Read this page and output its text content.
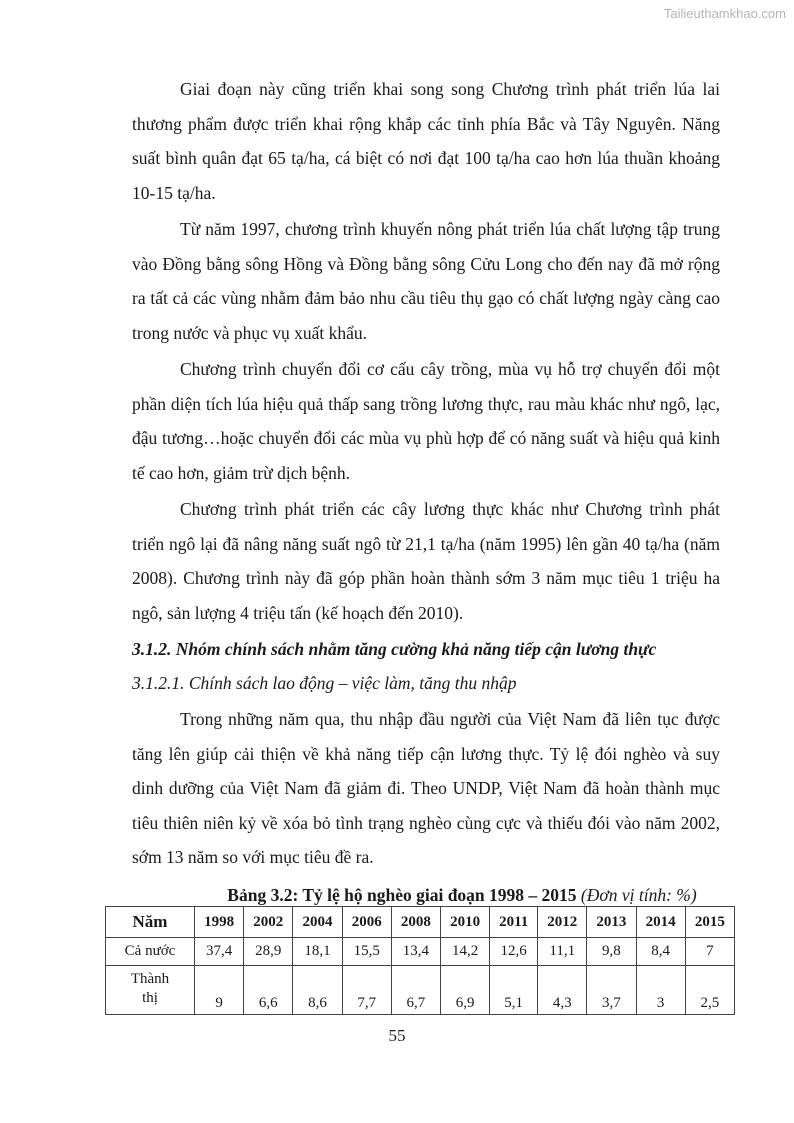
Tailieuthamkhao.com

Giai đoạn này cũng triển khai song song Chương trình phát triển lúa lai thương phẩm được triển khai rộng khắp các tỉnh phía Bắc và Tây Nguyên. Năng suất bình quân đạt 65 tạ/ha, cá biệt có nơi đạt 100 tạ/ha cao hơn lúa thuần khoảng 10-15 tạ/ha.

Từ năm 1997, chương trình khuyến nông phát triển lúa chất lượng tập trung vào Đồng bằng sông Hồng và Đồng bằng sông Cửu Long cho đến nay đã mở rộng ra tất cả các vùng nhằm đảm bảo nhu cầu tiêu thụ gạo có chất lượng ngày càng cao trong nước và phục vụ xuất khẩu.

Chương trình chuyển đổi cơ cấu cây trồng, mùa vụ hỗ trợ chuyển đổi một phần diện tích lúa hiệu quả thấp sang trồng lương thực, rau màu khác như ngô, lạc, đậu tương…hoặc chuyển đổi các mùa vụ phù hợp để có năng suất và hiệu quả kinh tế cao hơn, giảm trừ dịch bệnh.

Chương trình phát triển các cây lương thực khác như Chương trình phát triển ngô lại đã nâng năng suất ngô từ 21,1 tạ/ha (năm 1995) lên gần 40 tạ/ha (năm 2008). Chương trình này đã góp phần hoàn thành sớm 3 năm mục tiêu 1 triệu ha ngô, sản lượng 4 triệu tấn (kế hoạch đến 2010).

3.1.2. Nhóm chính sách nhằm tăng cường khả năng tiếp cận lương thực

3.1.2.1. Chính sách lao động – việc làm, tăng thu nhập

Trong những năm qua, thu nhập đầu người của Việt Nam đã liên tục được tăng lên giúp cải thiện về khả năng tiếp cận lương thực. Tỷ lệ đói nghèo và suy dinh dưỡng của Việt Nam đã giảm đi. Theo UNDP, Việt Nam đã hoàn thành mục tiêu thiên niên kỷ về xóa bỏ tình trạng nghèo cùng cực và thiếu đói vào năm 2002, sớm 13 năm so với mục tiêu đề ra.

Bảng 3.2: Tỷ lệ hộ nghèo giai đoạn 1998 – 2015 (Đơn vị tính: %)

Năm	1998	2002	2004	2006	2008	2010	2011	2012	2013	2014	2015
Cả nước	37,4	28,9	18,1	15,5	13,4	14,2	12,6	11,1	9,8	8,4	7
Thành
thị	9	6,6	8,6	7,7	6,7	6,9	5,1	4,3	3,7	3	2,5
55
